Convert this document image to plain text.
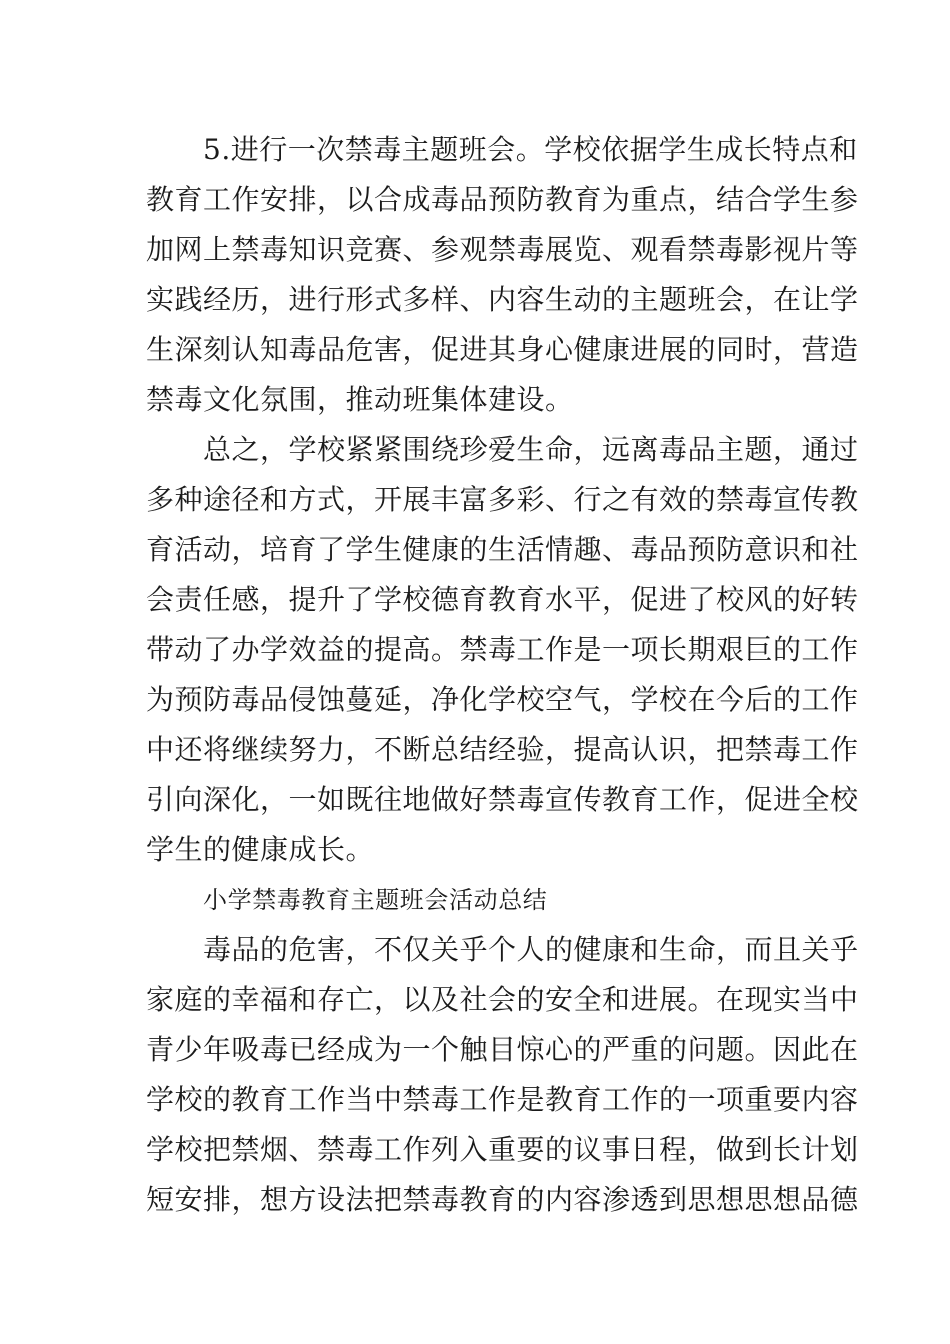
5.进行一次禁毒主题班会。学校依据学生成长特点和
教育工作安排，以合成毒品预防教育为重点，结合学生参
加网上禁毒知识竞赛、参观禁毒展览、观看禁毒影视片等
实践经历，进行形式多样、内容生动的主题班会，在让学
生深刻认知毒品危害，促进其身心健康进展的同时，营造
禁毒文化氛围，推动班集体建设。
总之，学校紧紧围绕珍爱生命，远离毒品主题，通过
多种途径和方式，开展丰富多彩、行之有效的禁毒宣传教
育活动，培育了学生健康的生活情趣、毒品预防意识和社
会责任感，提升了学校德育教育水平，促进了校风的好转
带动了办学效益的提高。禁毒工作是一项长期艰巨的工作
为预防毒品侵蚀蔓延，净化学校空气，学校在今后的工作
中还将继续努力，不断总结经验，提高认识，把禁毒工作
引向深化，一如既往地做好禁毒宣传教育工作，促进全校
学生的健康成长。
小学禁毒教育主题班会活动总结
毒品的危害，不仅关乎个人的健康和生命，而且关乎
家庭的幸福和存亡，以及社会的安全和进展。在现实当中
青少年吸毒已经成为一个触目惊心的严重的问题。因此在
学校的教育工作当中禁毒工作是教育工作的一项重要内容
学校把禁烟、禁毒工作列入重要的议事日程，做到长计划
短安排，想方设法把禁毒教育的内容渗透到思想思想品德
